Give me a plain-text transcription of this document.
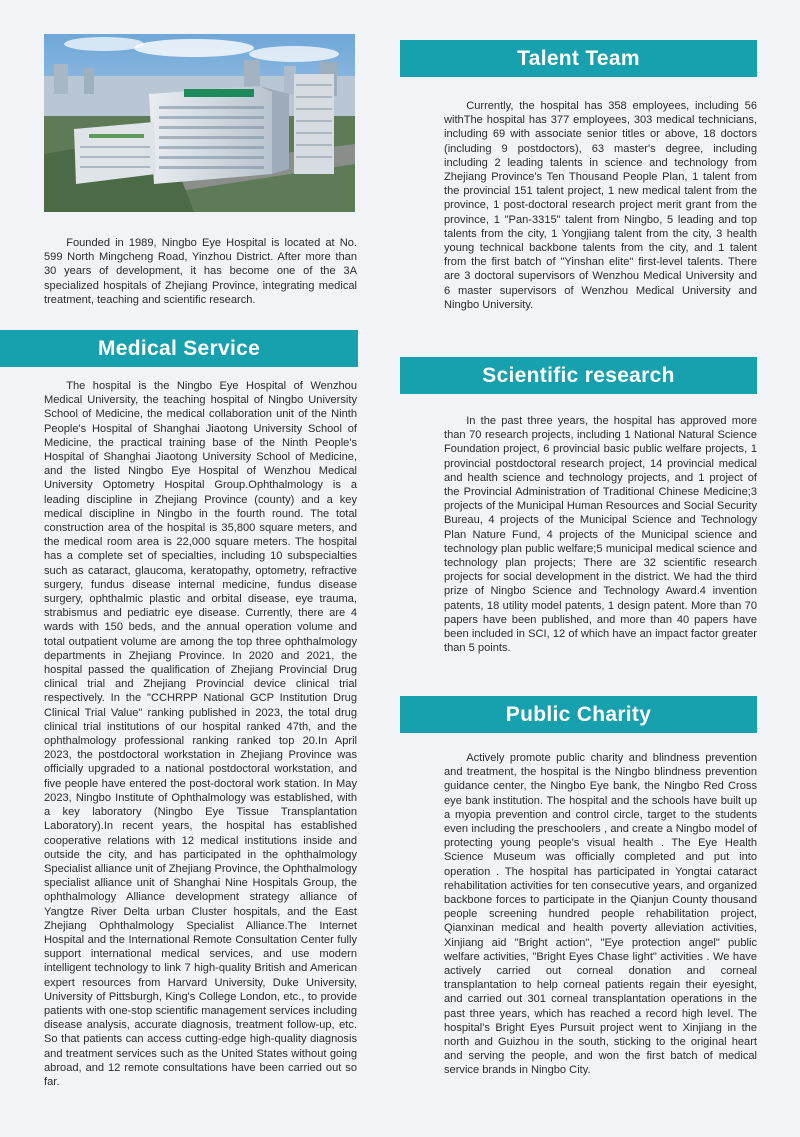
Founded in 1989, Ningbo Eye Hospital is located at No. 599 North Mingcheng Road, Yinzhou District. After more than 30 years of development, it has become one of the 3A specialized hospitals of Zhejiang Province, integrating medical treatment, teaching and scientific research.

Medical Service

The hospital is the Ningbo Eye Hospital of Wenzhou Medical University, the teaching hospital of Ningbo University School of Medicine, the medical collaboration unit of the Ninth People's Hospital of Shanghai Jiaotong University School of Medicine, the practical training base of the Ninth People's Hospital of Shanghai Jiaotong University School of Medicine, and the listed Ningbo Eye Hospital of Wenzhou Medical University Optometry Hospital Group.Ophthalmology is a leading discipline in Zhejiang Province (county) and a key medical discipline in Ningbo in the fourth round. The total construction area of the hospital is 35,800 square meters, and the medical room area is 22,000 square meters. The hospital has a complete set of specialties, including 10 subspecialties such as cataract, glaucoma, keratopathy, optometry, refractive surgery, fundus disease internal medicine, fundus disease surgery, ophthalmic plastic and orbital disease, eye trauma, strabismus and pediatric eye disease. Currently, there are 4 wards with 150 beds, and the annual operation volume and total outpatient volume are among the top three ophthalmology departments in Zhejiang Province. In 2020 and 2021, the hospital passed the qualification of Zhejiang Provincial Drug clinical trial and Zhejiang Provincial device clinical trial respectively. In the "CCHRPP National GCP Institution Drug Clinical Trial Value" ranking published in 2023, the total drug clinical trial institutions of our hospital ranked 47th, and the ophthalmology professional ranking ranked top 20.In April 2023, the postdoctoral workstation in Zhejiang Province was officially upgraded to a national postdoctoral workstation, and five people have entered the post-doctoral work station. In May 2023, Ningbo Institute of Ophthalmology was established, with a key laboratory (Ningbo Eye Tissue Transplantation Laboratory).In recent years, the hospital has established cooperative relations with 12 medical institutions inside and outside the city, and has participated in the ophthalmology Specialist alliance unit of Zhejiang Province, the Ophthalmology specialist alliance unit of Shanghai Nine Hospitals Group, the ophthalmology Alliance development strategy alliance of Yangtze River Delta urban Cluster hospitals, and the East Zhejiang Ophthalmology Specialist Alliance.The Internet Hospital and the International Remote Consultation Center fully support international medical services, and use modern intelligent technology to link 7 high-quality British and American expert resources from Harvard University, Duke University, University of Pittsburgh, King's College London, etc., to provide patients with one-stop scientific management services including disease analysis, accurate diagnosis, treatment follow-up, etc. So that patients can access cutting-edge high-quality diagnosis and treatment services such as the United States without going abroad, and 12 remote consultations have been carried out so far.

Talent Team

Currently, the hospital has 358 employees, including 56 withThe hospital has 377 employees, 303 medical technicians, including 69 with associate senior titles or above, 18 doctors (including 9 postdoctors), 63 master's degree, including including 2 leading talents in science and technology from Zhejiang Province's Ten Thousand People Plan, 1 talent from the provincial 151 talent project, 1 new medical talent from the province, 1 post-doctoral research project merit grant from the province, 1 "Pan-3315" talent from Ningbo, 5 leading and top talents from the city, 1 Yongjiang talent from the city, 3 health young technical backbone talents from the city, and 1 talent from the first batch of "Yinshan elite" first-level talents. There are 3 doctoral supervisors of Wenzhou Medical University and 6 master supervisors of Wenzhou Medical University and Ningbo University.

Scientific research

In the past three years, the hospital has approved more than 70 research projects, including 1 National Natural Science Foundation project, 6 provincial basic public welfare projects, 1 provincial postdoctoral research project, 14 provincial medical and health science and technology projects, and 1 project of the Provincial Administration of Traditional Chinese Medicine;3 projects of the Municipal Human Resources and Social Security Bureau, 4 projects of the Municipal Science and Technology Plan Nature Fund, 4 projects of the Municipal science and technology plan public welfare;5 municipal medical science and technology plan projects; There are 32 scientific research projects for social development in the district. We had the third prize of Ningbo Science and Technology Award.4 invention patents, 18 utility model patents, 1 design patent. More than 70 papers have been published, and more than 40 papers have been included in SCI, 12 of which have an impact factor greater than 5 points.

Public Charity

Actively promote public charity and blindness prevention and treatment, the hospital is the Ningbo blindness prevention guidance center, the Ningbo Eye bank, the Ningbo Red Cross eye bank institution. The hospital and the schools have built up a myopia prevention and control circle, target to the students even including the preschoolers , and create a Ningbo model of protecting young people's visual health . The Eye Health Science Museum was officially completed and put into operation . The hospital has participated in Yongtai cataract rehabilitation activities for ten consecutive years, and organized backbone forces to participate in the Qianjun County thousand people screening hundred people rehabilitation project, Qianxinan medical and health poverty alleviation activities, Xinjiang aid "Bright action", "Eye protection angel" public welfare activities, "Bright Eyes Chase light" activities . We have actively carried out corneal donation and corneal transplantation to help corneal patients regain their eyesight, and carried out 301 corneal transplantation operations in the past three years, which has reached a record high level. The hospital's Bright Eyes Pursuit project went to Xinjiang in the north and Guizhou in the south, sticking to the original heart and serving the people, and won the first batch of medical service brands in Ningbo City.
